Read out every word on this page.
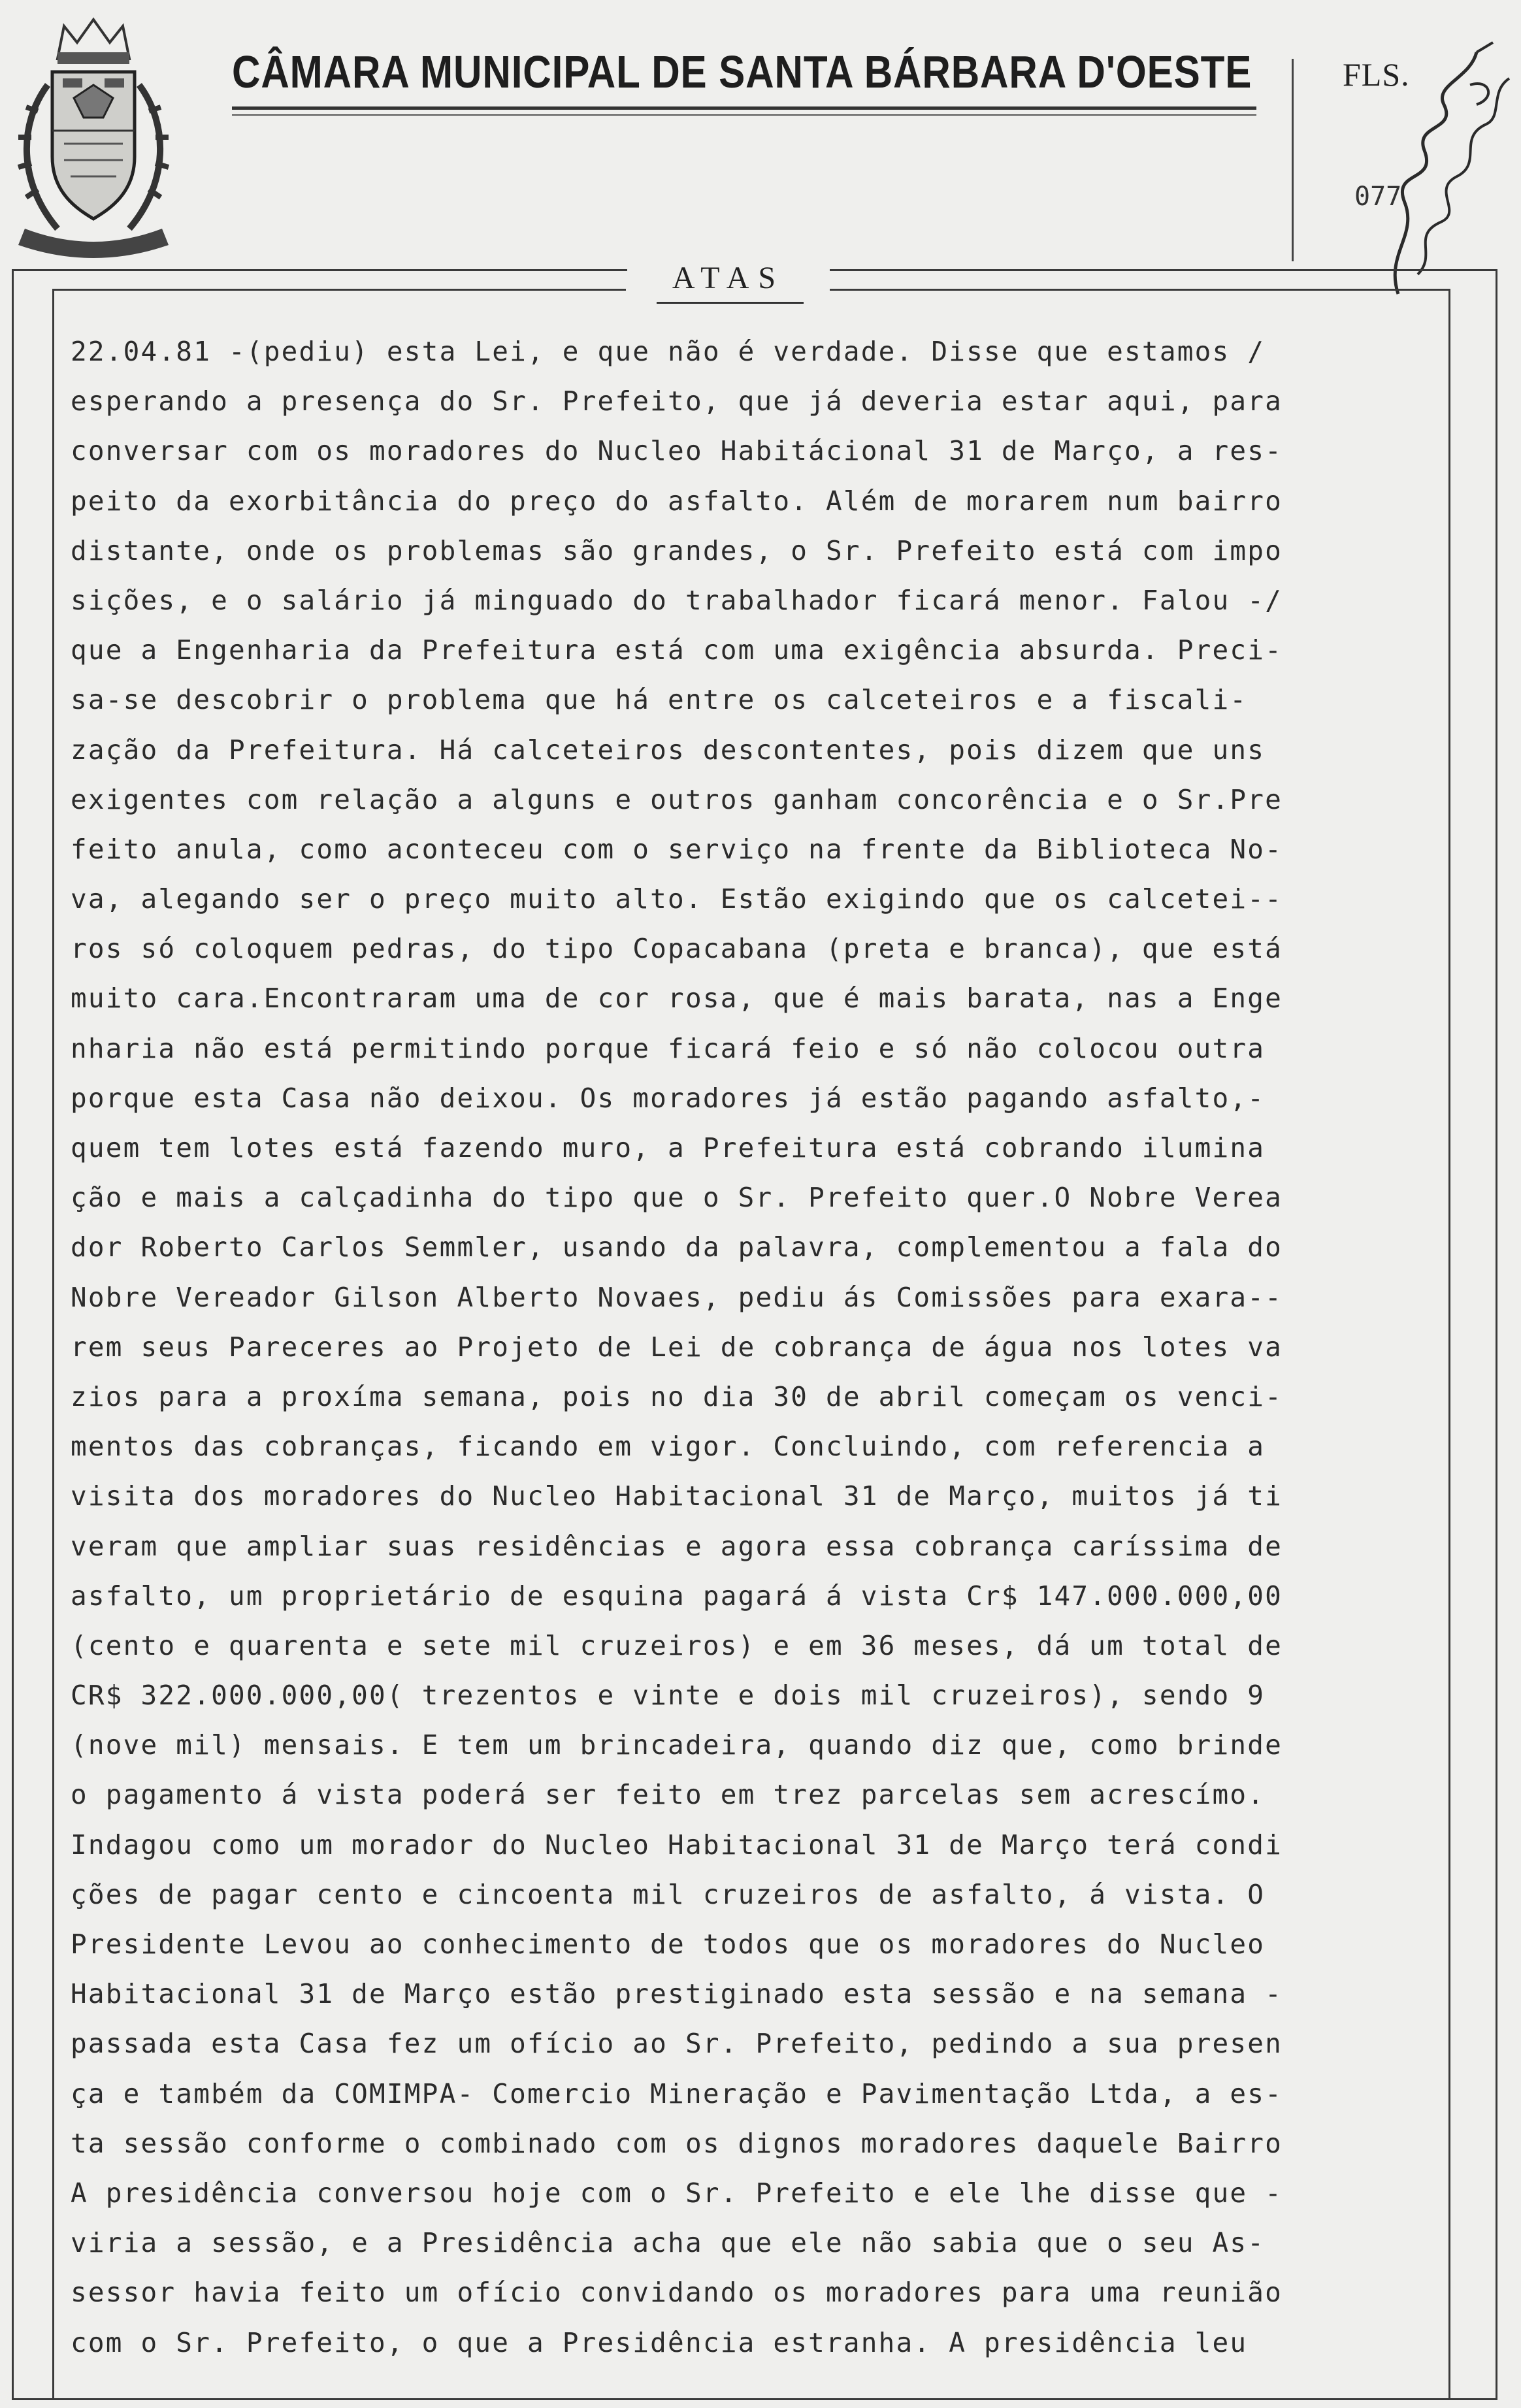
CÂMARA MUNICIPAL DE SANTA BÁRBARA D'OESTE	FLS.
077
ATAS
22.04.81 -(pediu) esta Lei, e que não é verdade. Disse que estamos /
esperando a presença do Sr. Prefeito, que já deveria estar aqui, para
conversar com os moradores do Nucleo Habitácional 31 de Março, a res-
peito da exorbitância do preço do asfalto. Além de morarem num bairro
distante, onde os problemas são grandes, o Sr. Prefeito está com impo
sições, e o salário já minguado do trabalhador ficará menor. Falou -/
que a Engenharia da Prefeitura está com uma exigência absurda. Preci-
sa-se descobrir o problema que há entre os calceteiros e a fiscali-
zação da Prefeitura. Há calceteiros descontentes, pois dizem que uns
exigentes com relação a alguns e outros ganham concorência e o Sr.Pre
feito anula, como aconteceu com o serviço na frente da Biblioteca No-
va, alegando ser o preço muito alto. Estão exigindo que os calcetei--
ros só coloquem pedras, do tipo Copacabana (preta e branca), que está
muito cara.Encontraram uma de cor rosa, que é mais barata, nas a Enge
nharia não está permitindo porque ficará feio e só não colocou outra
porque esta Casa não deixou. Os moradores já estão pagando asfalto,-
quem tem lotes está fazendo muro, a Prefeitura está cobrando ilumina
ção e mais a calçadinha do tipo que o Sr. Prefeito quer.O Nobre Verea
dor Roberto Carlos Semmler, usando da palavra, complementou a fala do
Nobre Vereador Gilson Alberto Novaes, pediu ás Comissões para exara--
rem seus Pareceres ao Projeto de Lei de cobrança de água nos lotes va
zios para a proxíma semana, pois no dia 30 de abril começam os venci-
mentos das cobranças, ficando em vigor. Concluindo, com referencia a
visita dos moradores do Nucleo Habitacional 31 de Março, muitos já ti
veram que ampliar suas residências e agora essa cobrança caríssima de
asfalto, um proprietário de esquina pagará á vista Cr$ 147.000.000,00
(cento e quarenta e sete mil cruzeiros) e em 36 meses, dá um total de
CR$ 322.000.000,00( trezentos e vinte e dois mil cruzeiros), sendo 9
(nove mil) mensais. E tem um brincadeira, quando diz que, como brinde
o pagamento á vista poderá ser feito em trez parcelas sem acrescímo.
Indagou como um morador do Nucleo Habitacional 31 de Março terá condi
ções de pagar cento e cincoenta mil cruzeiros de asfalto, á vista. O
Presidente Levou ao conhecimento de todos que os moradores do Nucleo
Habitacional 31 de Março estão prestiginado esta sessão e na semana -
passada esta Casa fez um ofício ao Sr. Prefeito, pedindo a sua presen
ça e também da COMIMPA- Comercio Mineração e Pavimentação Ltda, a es-
ta sessão conforme o combinado com os dignos moradores daquele Bairro
A presidência conversou hoje com o Sr. Prefeito e ele lhe disse que -
viria a sessão, e a Presidência acha que ele não sabia que o seu As-
sessor havia feito um ofício convidando os moradores para uma reunião
com o Sr. Prefeito, o que a Presidência estranha. A presidência leu
